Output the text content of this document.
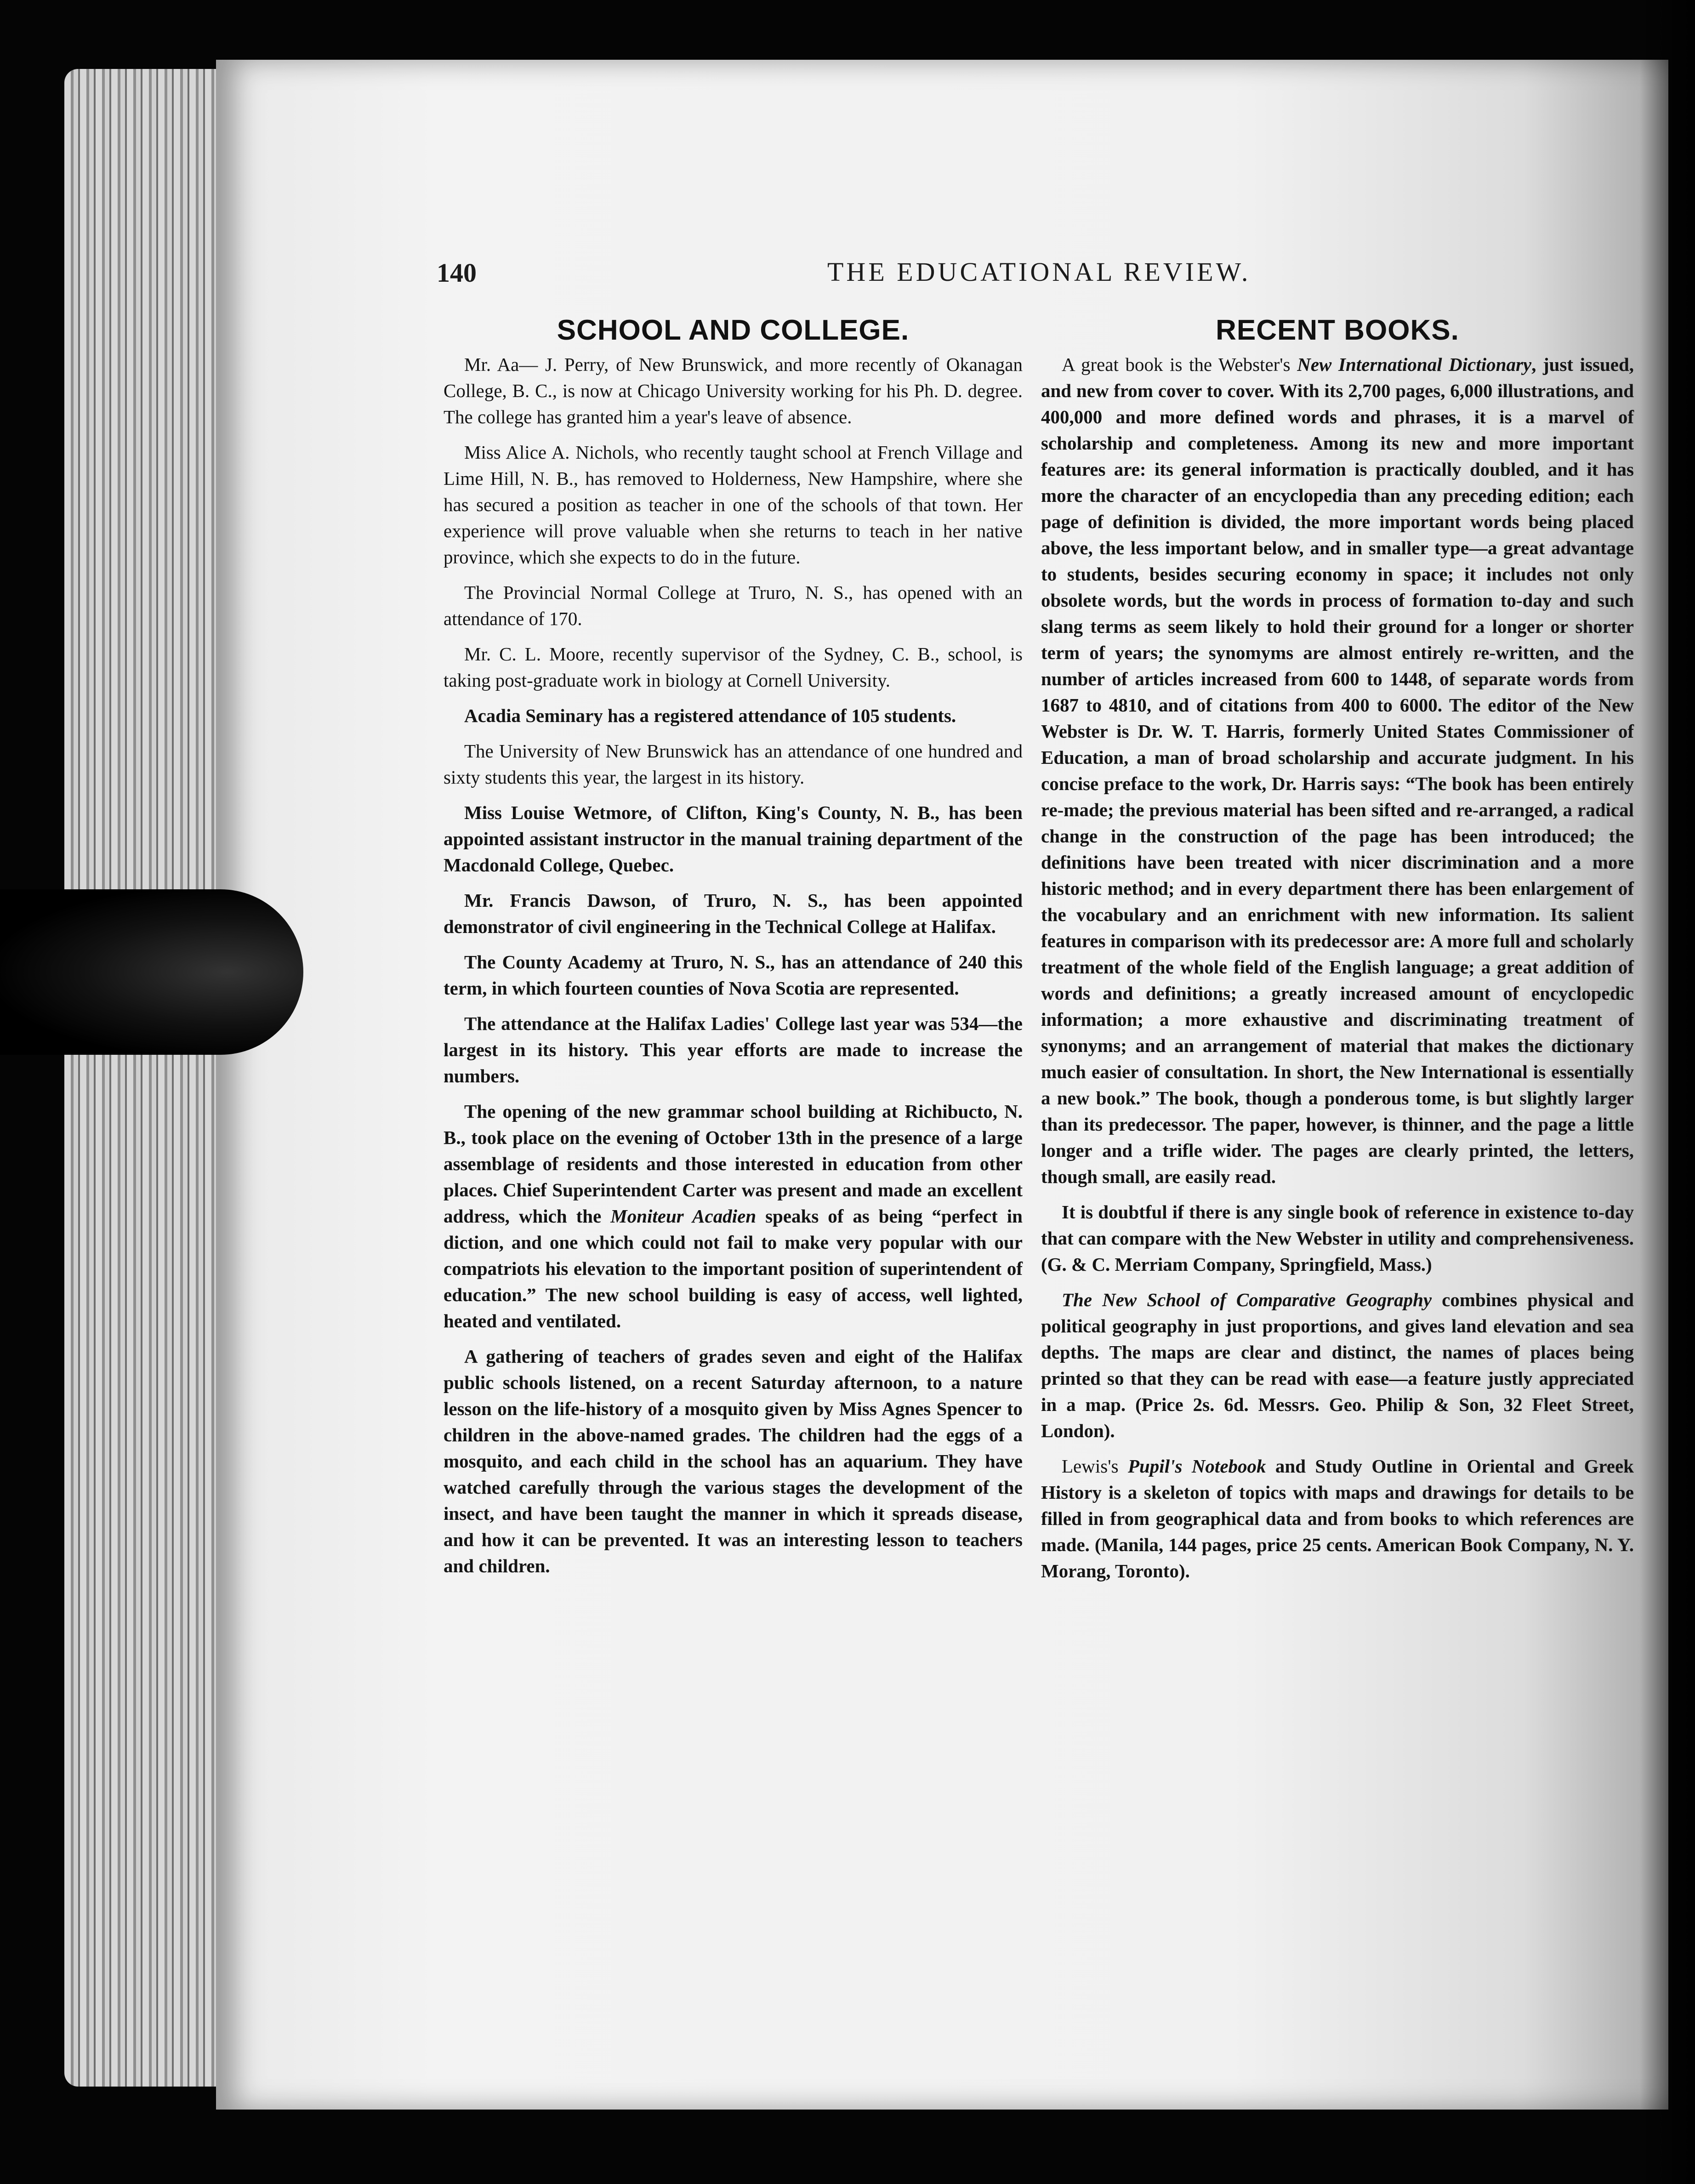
140	THE EDUCATIONAL REVIEW.
SCHOOL AND COLLEGE.

Mr. Aa— J. Perry, of New Brunswick, and more recently of Okanagan College, B. C., is now at Chicago University working for his Ph. D. degree. The college has granted him a year's leave of absence.

Miss Alice A. Nichols, who recently taught school at French Village and Lime Hill, N. B., has removed to Holderness, New Hampshire, where she has secured a position as teacher in one of the schools of that town. Her experience will prove valuable when she returns to teach in her native province, which she expects to do in the future.

The Provincial Normal College at Truro, N. S., has opened with an attendance of 170.

Mr. C. L. Moore, recently supervisor of the Sydney, C. B., school, is taking post-graduate work in biology at Cornell University.

Acadia Seminary has a registered attendance of 105 students.

The University of New Brunswick has an attendance of one hundred and sixty students this year, the largest in its history.

Miss Louise Wetmore, of Clifton, King's County, N. B., has been appointed assistant instructor in the manual training department of the Macdonald College, Quebec.

Mr. Francis Dawson, of Truro, N. S., has been appointed demonstrator of civil engineering in the Technical College at Halifax.

The County Academy at Truro, N. S., has an attendance of 240 this term, in which fourteen counties of Nova Scotia are represented.

The attendance at the Halifax Ladies' College last year was 534—the largest in its history. This year efforts are made to increase the numbers.

The opening of the new grammar school building at Richibucto, N. B., took place on the evening of October 13th in the presence of a large assemblage of residents and those interested in education from other places. Chief Superintendent Carter was present and made an excellent address, which the Moniteur Acadien speaks of as being “perfect in diction, and one which could not fail to make very popular with our compatriots his elevation to the important position of superintendent of education.” The new school building is easy of access, well lighted, heated and ventilated.

A gathering of teachers of grades seven and eight of the Halifax public schools listened, on a recent Saturday afternoon, to a nature lesson on the life-history of a mosquito given by Miss Agnes Spencer to children in the above-named grades. The children had the eggs of a mosquito, and each child in the school has an aquarium. They have watched carefully through the various stages the development of the insect, and have been taught the manner in which it spreads disease, and how it can be prevented. It was an interesting lesson to teachers and children.

RECENT BOOKS.

A great book is the Webster's New International Dictionary, just issued, and new from cover to cover. With its 2,700 pages, 6,000 illustrations, and 400,000 and more defined words and phrases, it is a marvel of scholarship and completeness. Among its new and more important features are: its general information is practically doubled, and it has more the character of an encyclopedia than any preceding edition; each page of definition is divided, the more important words being placed above, the less important below, and in smaller type—a great advantage to students, besides securing economy in space; it includes not only obsolete words, but the words in process of formation to-day and such slang terms as seem likely to hold their ground for a longer or shorter term of years; the synomyms are almost entirely re-written, and the number of articles increased from 600 to 1448, of separate words from 1687 to 4810, and of citations from 400 to 6000. The editor of the New Webster is Dr. W. T. Harris, formerly United States Commissioner of Education, a man of broad scholarship and accurate judgment. In his concise preface to the work, Dr. Harris says: “The book has been entirely re-made; the previous material has been sifted and re-arranged, a radical change in the construction of the page has been introduced; the definitions have been treated with nicer discrimination and a more historic method; and in every department there has been enlargement of the vocabulary and an enrichment with new information. Its salient features in comparison with its predecessor are: A more full and scholarly treatment of the whole field of the English language; a great addition of words and definitions; a greatly increased amount of encyclopedic information; a more exhaustive and discriminating treatment of synonyms; and an arrangement of material that makes the dictionary much easier of consultation. In short, the New International is essentially a new book.” The book, though a ponderous tome, is but slightly larger than its predecessor. The paper, however, is thinner, and the page a little longer and a trifle wider. The pages are clearly printed, the letters, though small, are easily read.

It is doubtful if there is any single book of reference in existence to-day that can compare with the New Webster in utility and comprehensiveness. (G. & C. Merriam Company, Springfield, Mass.)

The New School of Comparative Geography combines physical and political geography in just proportions, and gives land elevation and sea depths. The maps are clear and distinct, the names of places being printed so that they can be read with ease—a feature justly appreciated in a map. (Price 2s. 6d. Messrs. Geo. Philip & Son, 32 Fleet Street, London).

Lewis's Pupil's Notebook and Study Outline in Oriental and Greek History is a skeleton of topics with maps and drawings for details to be filled in from geographical data and from books to which references are made. (Manila, 144 pages, price 25 cents. American Book Company, N. Y. Morang, Toronto).
